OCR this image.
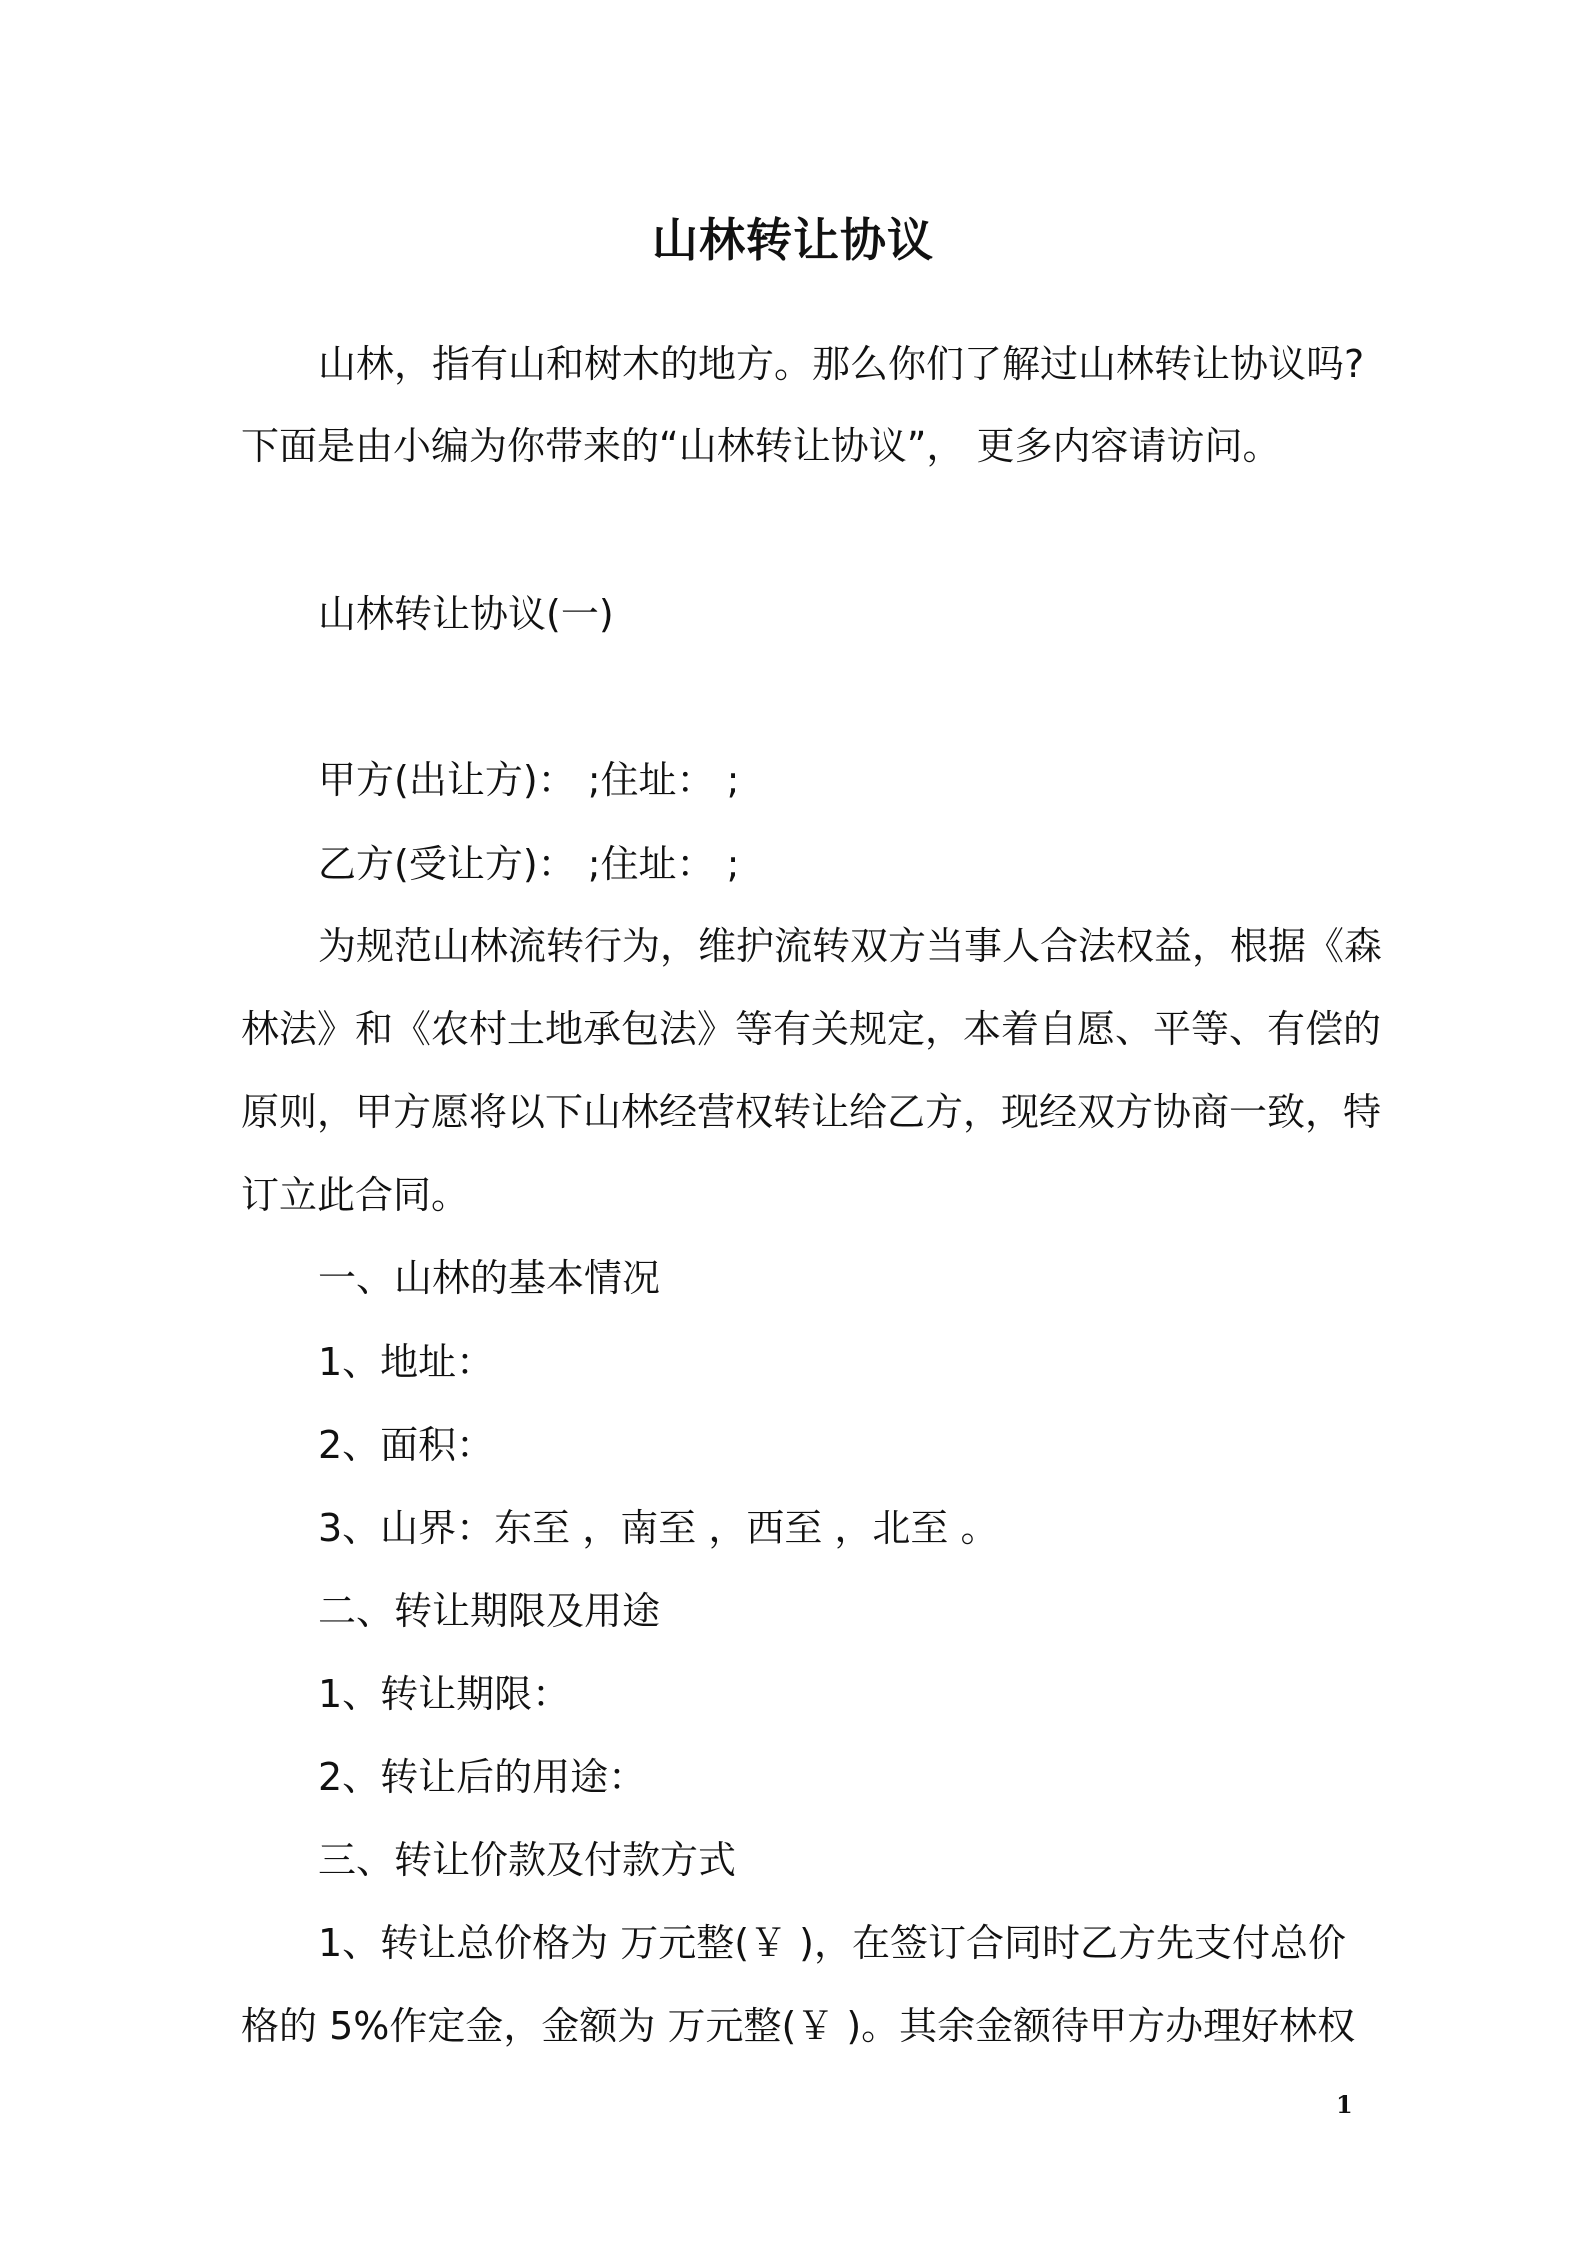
山林转让协议
山林，指有山和树木的地方。那么你们了解过山林转让协议吗?
下面是由小编为你带来的“山林转让协议”， 更多内容请访问。
山林转让协议(一)
甲方(出让方)： ;住址： ;
乙方(受让方)： ;住址： ;
为规范山林流转行为，维护流转双方当事人合法权益，根据《森
林法》和《农村土地承包法》等有关规定，本着自愿、平等、有偿的
原则，甲方愿将以下山林经营权转让给乙方，现经双方协商一致，特
订立此合同。
一、山林的基本情况
1、地址：
2、面积：
3、山界：东至 ，南至 ，西至 ，北至 。
二、转让期限及用途
1、转让期限：
2、转让后的用途：
三、转让价款及付款方式
1、转让总价格为 万元整(￥ )，在签订合同时乙方先支付总价
格的 5%作定金，金额为 万元整(￥ )。其余金额待甲方办理好林权
1
